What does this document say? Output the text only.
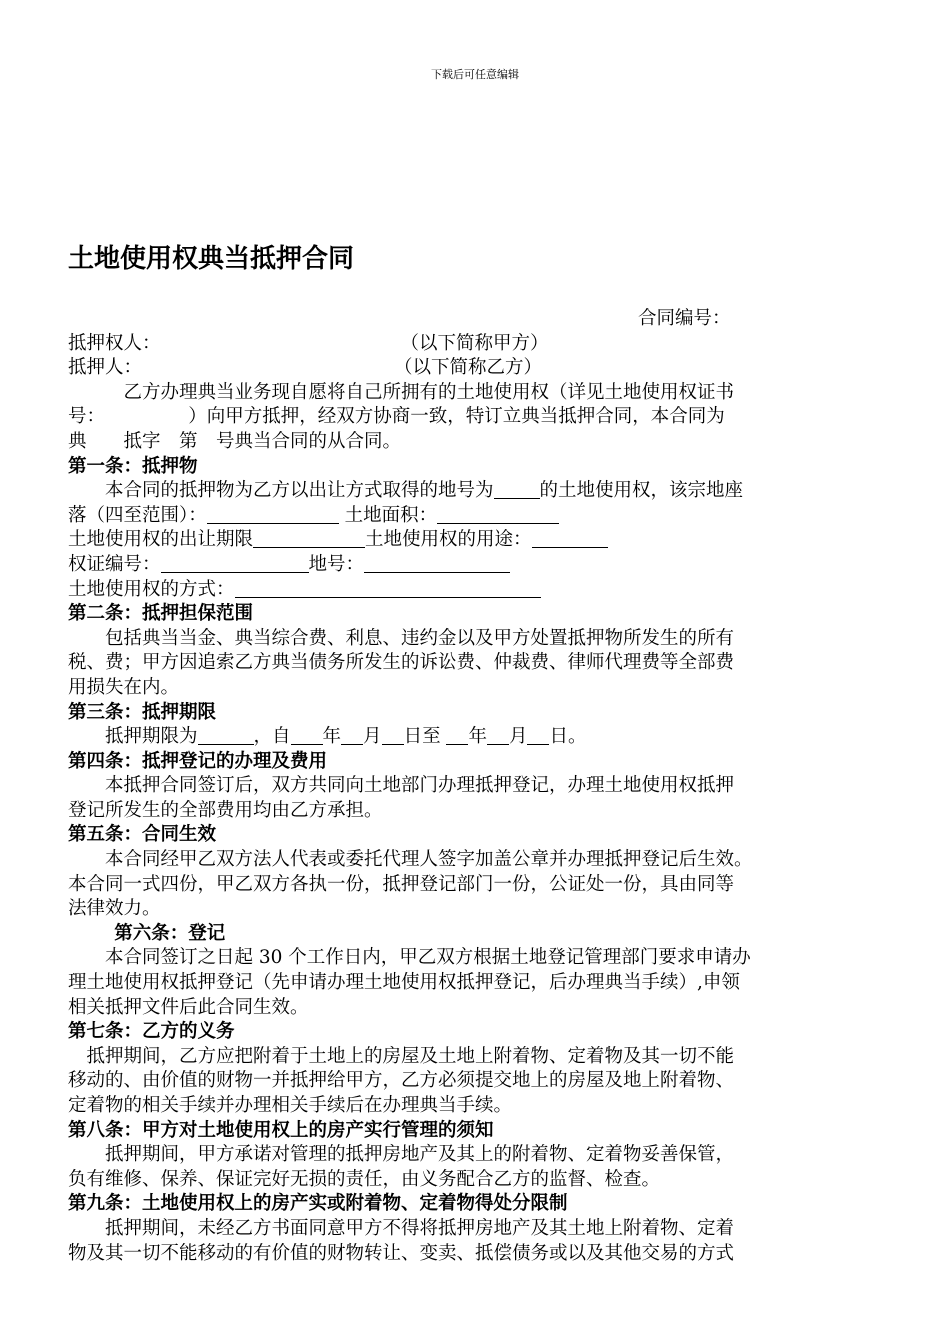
下载后可任意编辑
土地使用权典当抵押合同

合同编号：

抵押权人：	（以下简称甲方）

抵押人：	（以下简称乙方）

乙方办理典当业务现自愿将自己所拥有的土地使用权（详见土地使用权证书

号：　　　　　）向甲方抵押，经双方协商一致，特订立典当抵押合同，本合同为

典　　抵字　第　号典当合同的从合同。

第一条：抵押物

本合同的抵押物为乙方以出让方式取得的地号为 的土地使用权，该宗地座

落（四至范围）：	土地面积：

土地使用权的出让期限	土地使用权的用途：

权证编号：	地号：

土地使用权的方式：

第二条：抵押担保范围

包括典当当金、典当综合费、利息、违约金以及甲方处置抵押物所发生的所有

税、费；甲方因追索乙方典当债务所发生的诉讼费、仲裁费、律师代理费等全部费

用损失在内。

第三条：抵押期限

抵押期限为	，自 年 月 日至 年 月 日。

第四条：抵押登记的办理及费用

本抵押合同签订后，双方共同向土地部门办理抵押登记，办理土地使用权抵押

登记所发生的全部费用均由乙方承担。

第五条：合同生效

本合同经甲乙双方法人代表或委托代理人签字加盖公章并办理抵押登记后生效。

本合同一式四份，甲乙双方各执一份，抵押登记部门一份，公证处一份，具由同等

法律效力。

第六条：登记

本合同签订之日起 30 个工作日内，甲乙双方根据土地登记管理部门要求申请办

理土地使用权抵押登记（先申请办理土地使用权抵押登记，后办理典当手续）,申领

相关抵押文件后此合同生效。

第七条：乙方的义务

抵押期间，乙方应把附着于土地上的房屋及土地上附着物、定着物及其一切不能

移动的、由价值的财物一并抵押给甲方，乙方必须提交地上的房屋及地上附着物、

定着物的相关手续并办理相关手续后在办理典当手续。

第八条：甲方对土地使用权上的房产实行管理的须知

抵押期间，甲方承诺对管理的抵押房地产及其上的附着物、定着物妥善保管，

负有维修、保养、保证完好无损的责任，由义务配合乙方的监督、检查。

第九条：土地使用权上的房产实或附着物、定着物得处分限制

抵押期间，未经乙方书面同意甲方不得将抵押房地产及其土地上附着物、定着

物及其一切不能移动的有价值的财物转让、变卖、抵偿债务或以及其他交易的方式
